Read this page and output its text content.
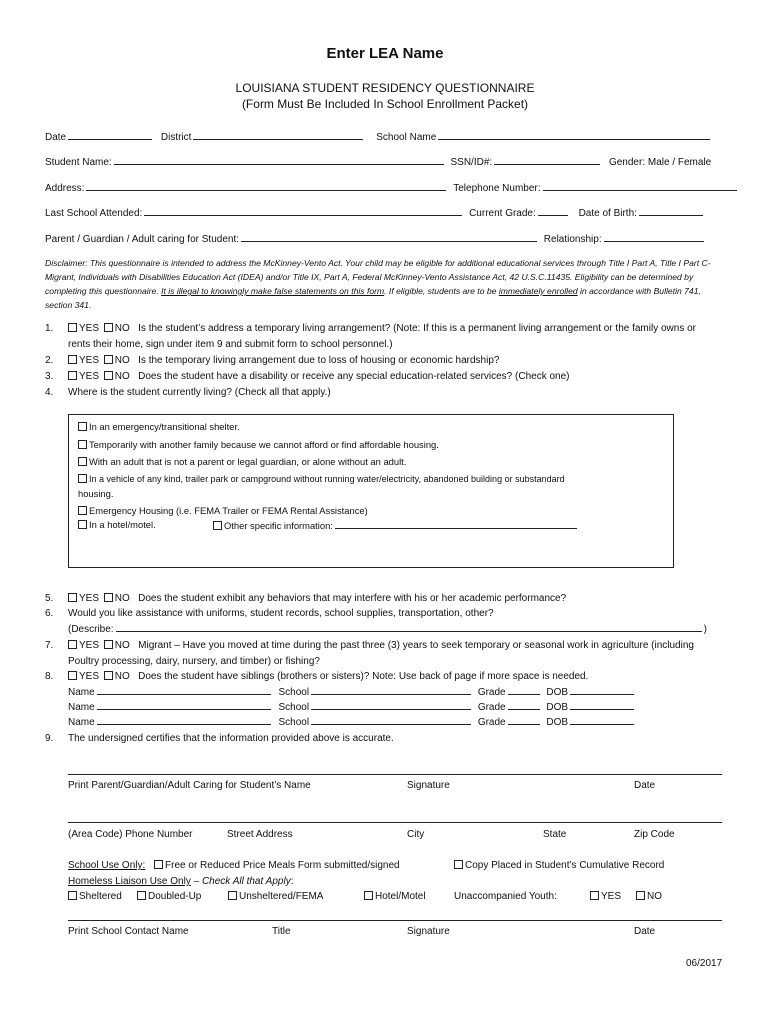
Enter LEA Name
LOUISIANA STUDENT RESIDENCY QUESTIONNAIRE
(Form Must Be Included In School Enrollment Packet)
Date	District	School Name
Student Name:	SSN/ID#:	Gender: Male / Female
Address:	Telephone Number:
Last School Attended:	Current Grade:	Date of Birth:
Parent / Guardian / Adult caring for Student:	Relationship:
Disclaimer: This questionnaire is intended to address the McKinney-Vento Act. Your child may be eligible for additional educational services through Title I Part A, Title I Part C-Migrant, Individuals with Disabilities Education Act (IDEA) and/or Title IX, Part A, Federal McKinney-Vento Assistance Act, 42 U.S.C.11435. Eligibility can be determined by completing this questionnaire. It is illegal to knowingly make false statements on this form. If eligible, students are to be immediately enrolled in accordance with Bulletin 741, section 341.
1.	YES NO Is the student’s address a temporary living arrangement? (Note: If this is a permanent living arrangement or the family owns or
rents their home, sign under item 9 and submit form to school personnel.)
2.	YES NO Is the temporary living arrangement due to loss of housing or economic hardship?
3.	YES NO Does the student have a disability or receive any special education-related services? (Check one)
4. Where is the student currently living? (Check all that apply.)
In an emergency/transitional shelter.
Temporarily with another family because we cannot afford or find affordable housing.
With an adult that is not a parent or legal guardian, or alone without an adult.
In a vehicle of any kind, trailer park or campground without running water/electricity, abandoned building or substandard
housing.
Emergency Housing (i.e. FEMA Trailer or FEMA Rental Assistance)
In a hotel/motel.	Other specific information:
5.	YES NO Does the student exhibit any behaviors that may interfere with his or her academic performance?
6. Would you like assistance with uniforms, student records, school supplies, transportation, other?
(Describe:	)
7.	YES NO Migrant – Have you moved at time during the past three (3) years to seek temporary or seasonal work in agriculture (including
Poultry processing, dairy, nursery, and timber) or fishing?
8.	YES NO Does the student have siblings (brothers or sisters)? Note: Use back of page if more space is needed.
Name	School	Grade	DOB
Name	School	Grade	DOB
Name	School	Grade	DOB
9. The undersigned certifies that the information provided above is accurate.
Print Parent/Guardian/Adult Caring for Student’s Name	Signature	Date
(Area Code) Phone Number	Street Address	City	State	Zip Code
School Use Only: Free or Reduced Price Meals Form submitted/signed	Copy Placed in Student’s Cumulative Record
Homeless Liaison Use Only – Check All that Apply:
Sheltered	Doubled-Up	Unsheltered/FEMA	Hotel/Motel	Unaccompanied Youth:	YES	NO
Print School Contact Name	Title	Signature	Date
06/2017
